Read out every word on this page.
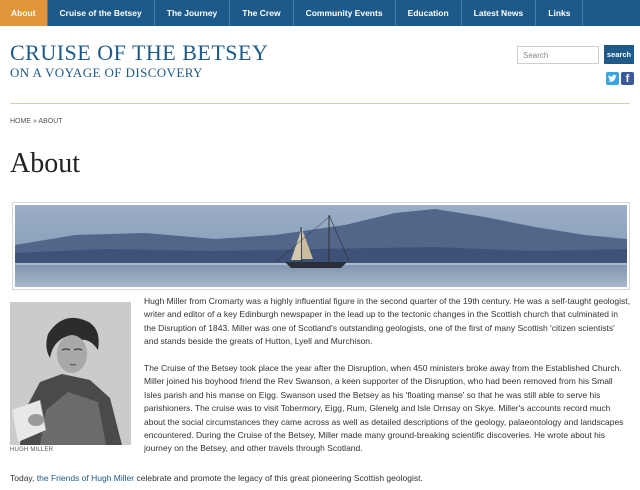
About	Cruise of the Betsey	The Journey	The Crew	Community Events	Education	Latest News	Links
CRUISE OF THE BETSEY
ON A VOYAGE OF DISCOVERY
Search
search
f
HOME » ABOUT
About
HUGH MILLER

Hugh Miller from Cromarty was a highly influential figure in the second quarter of the 19th century. He was a self-taught geologist, writer and editor of a key Edinburgh newspaper in the lead up to the tectonic changes in the Scottish church that culminated in the Disruption of 1843. Miller was one of Scotland's outstanding geologists, one of the first of many Scottish 'citizen scientists' and stands beside the greats of Hutton, Lyell and Murchison.

The Cruise of the Betsey took place the year after the Disruption, when 450 ministers broke away from the Established Church. Miller joined his boyhood friend the Rev Swanson, a keen supporter of the Disruption, who had been removed from his Small Isles parish and his manse on Eigg. Swanson used the Betsey as his 'floating manse' so that he was still able to serve his parishioners. The cruise was to visit Tobermory, Eigg, Rum, Glenelg and Isle Ornsay on Skye. Miller's accounts record much about the social circumstances they came across as well as detailed descriptions of the geology, palaeontology and landscapes encountered. During the Cruise of the Betsey, Miller made many ground-breaking scientific discoveries. He wrote about his journey on the Betsey, and other travels through Scotland.

Today, the Friends of Hugh Miller celebrate and promote the legacy of this great pioneering Scottish geologist.
